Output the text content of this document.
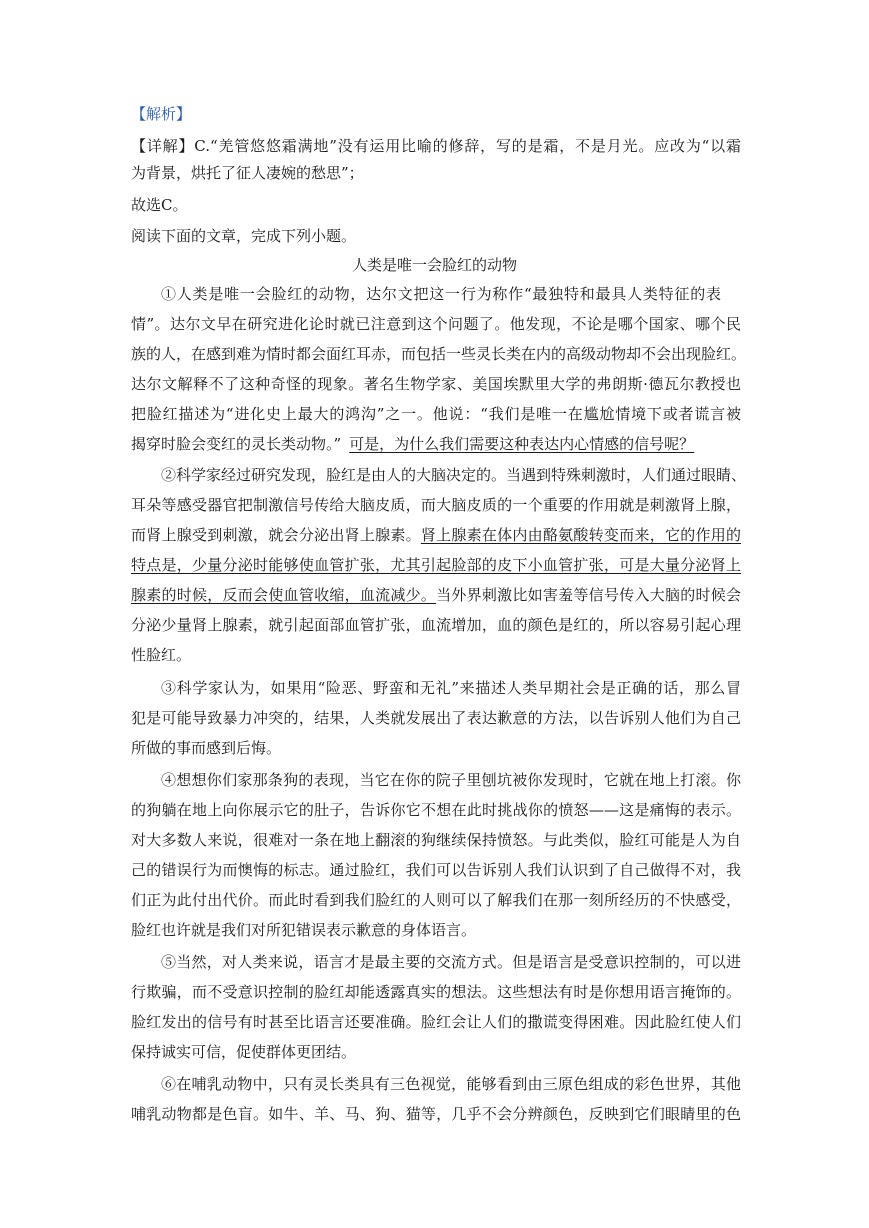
【解析】
【详解】C.“羌管悠悠霜满地”没有运用比喻的修辞，写的是霜，不是月光。应改为“以霜
为背景，烘托了征人凄婉的愁思”；
故选C。
阅读下面的文章，完成下列小题。
人类是唯一会脸红的动物
①人类是唯一会脸红的动物，达尔文把这一行为称作“最独特和最具人类特征的表
情”。达尔文早在研究进化论时就已注意到这个问题了。他发现，不论是哪个国家、哪个民
族的人，在感到难为情时都会面红耳赤，而包括一些灵长类在内的高级动物却不会出现脸红。
达尔文解释不了这种奇怪的现象。著名生物学家、美国埃默里大学的弗朗斯·德瓦尔教授也
把脸红描述为“进化史上最大的鸿沟”之一。他说：“我们是唯一在尴尬情境下或者谎言被
揭穿时脸会变红的灵长类动物。” 可是，为什么我们需要这种表达内心情感的信号呢？
②科学家经过研究发现，脸红是由人的大脑决定的。当遇到特殊刺激时，人们通过眼睛、
耳朵等感受器官把制激信号传给大脑皮质，而大脑皮质的一个重要的作用就是刺激肾上腺，
而肾上腺受到刺激，就会分泌出肾上腺素。肾上腺素在体内由酪氨酸转变而来，它的作用的
特点是，少量分泌时能够使血管扩张，尤其引起脸部的皮下小血管扩张，可是大量分泌肾上
腺素的时候，反而会使血管收缩，血流减少。当外界刺激比如害羞等信号传入大脑的时候会
分泌少量肾上腺素，就引起面部血管扩张，血流增加，血的颜色是红的，所以容易引起心理
性脸红。
③科学家认为，如果用“险恶、野蛮和无礼”来描述人类早期社会是正确的话，那么冒
犯是可能导致暴力冲突的，结果，人类就发展出了表达歉意的方法，以告诉别人他们为自己
所做的事而感到后悔。
④想想你们家那条狗的表现，当它在你的院子里刨坑被你发现时，它就在地上打滚。你
的狗躺在地上向你展示它的肚子，告诉你它不想在此时挑战你的愤怒——这是痛悔的表示。
对大多数人来说，很难对一条在地上翻滚的狗继续保持愤怒。与此类似，脸红可能是人为自
己的错误行为而懊悔的标志。通过脸红，我们可以告诉别人我们认识到了自己做得不对，我
们正为此付出代价。而此时看到我们脸红的人则可以了解我们在那一刻所经历的不快感受，
脸红也许就是我们对所犯错误表示歉意的身体语言。
⑤当然，对人类来说，语言才是最主要的交流方式。但是语言是受意识控制的，可以进
行欺骗，而不受意识控制的脸红却能透露真实的想法。这些想法有时是你想用语言掩饰的。
脸红发出的信号有时甚至比语言还要准确。脸红会让人们的撒谎变得困难。因此脸红使人们
保持诚实可信，促使群体更团结。
⑥在哺乳动物中，只有灵长类具有三色视觉，能够看到由三原色组成的彩色世界，其他
哺乳动物都是色盲。如牛、羊、马、狗、猫等，几乎不会分辨颜色，反映到它们眼睛里的色
